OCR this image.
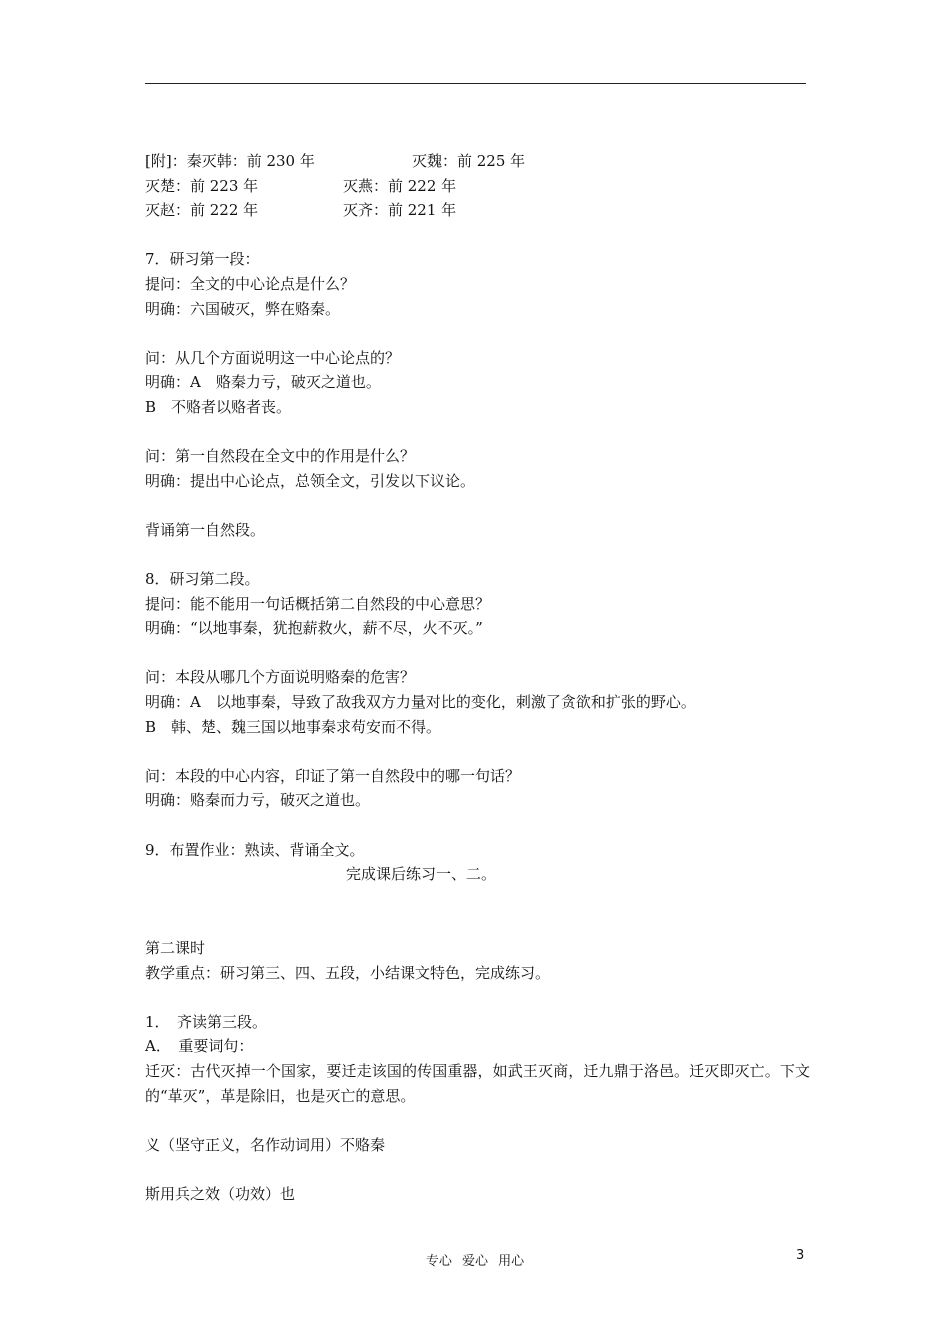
[附]：秦灭韩：前 230 年	灭魏：前 225 年
灭楚：前 223 年	灭燕：前 222 年
灭赵：前 222 年	灭齐：前 221 年
7．研习第一段：
提问：全文的中心论点是什么？
明确：六国破灭，弊在赂秦。
问：从几个方面说明这一中心论点的？
明确：A　赂秦力亏，破灭之道也。
B　不赂者以赂者丧。
问：第一自然段在全文中的作用是什么？
明确：提出中心论点，总领全文，引发以下议论。
背诵第一自然段。
8．研习第二段。
提问：能不能用一句话概括第二自然段的中心意思？
明确：“以地事秦，犹抱薪救火，薪不尽，火不灭。”
问：本段从哪几个方面说明赂秦的危害？
明确：A　以地事秦，导致了敌我双方力量对比的变化，刺激了贪欲和扩张的野心。
B　韩、楚、魏三国以地事秦求苟安而不得。
问：本段的中心内容，印证了第一自然段中的哪一句话？
明确：赂秦而力亏，破灭之道也。
9．布置作业：熟读、背诵全文。
完成课后练习一、二。
第二课时
教学重点：研习第三、四、五段，小结课文特色，完成练习。
1．　齐读第三段。
A．　重要词句：
迁灭：古代灭掉一个国家，要迁走该国的传国重器，如武王灭商，迁九鼎于洛邑。迁灭即灭亡。下文的“革灭”，革是除旧，也是灭亡的意思。
义（坚守正义，名作动词用）不赂秦
斯用兵之效（功效）也
专心 爱心 用心	3
